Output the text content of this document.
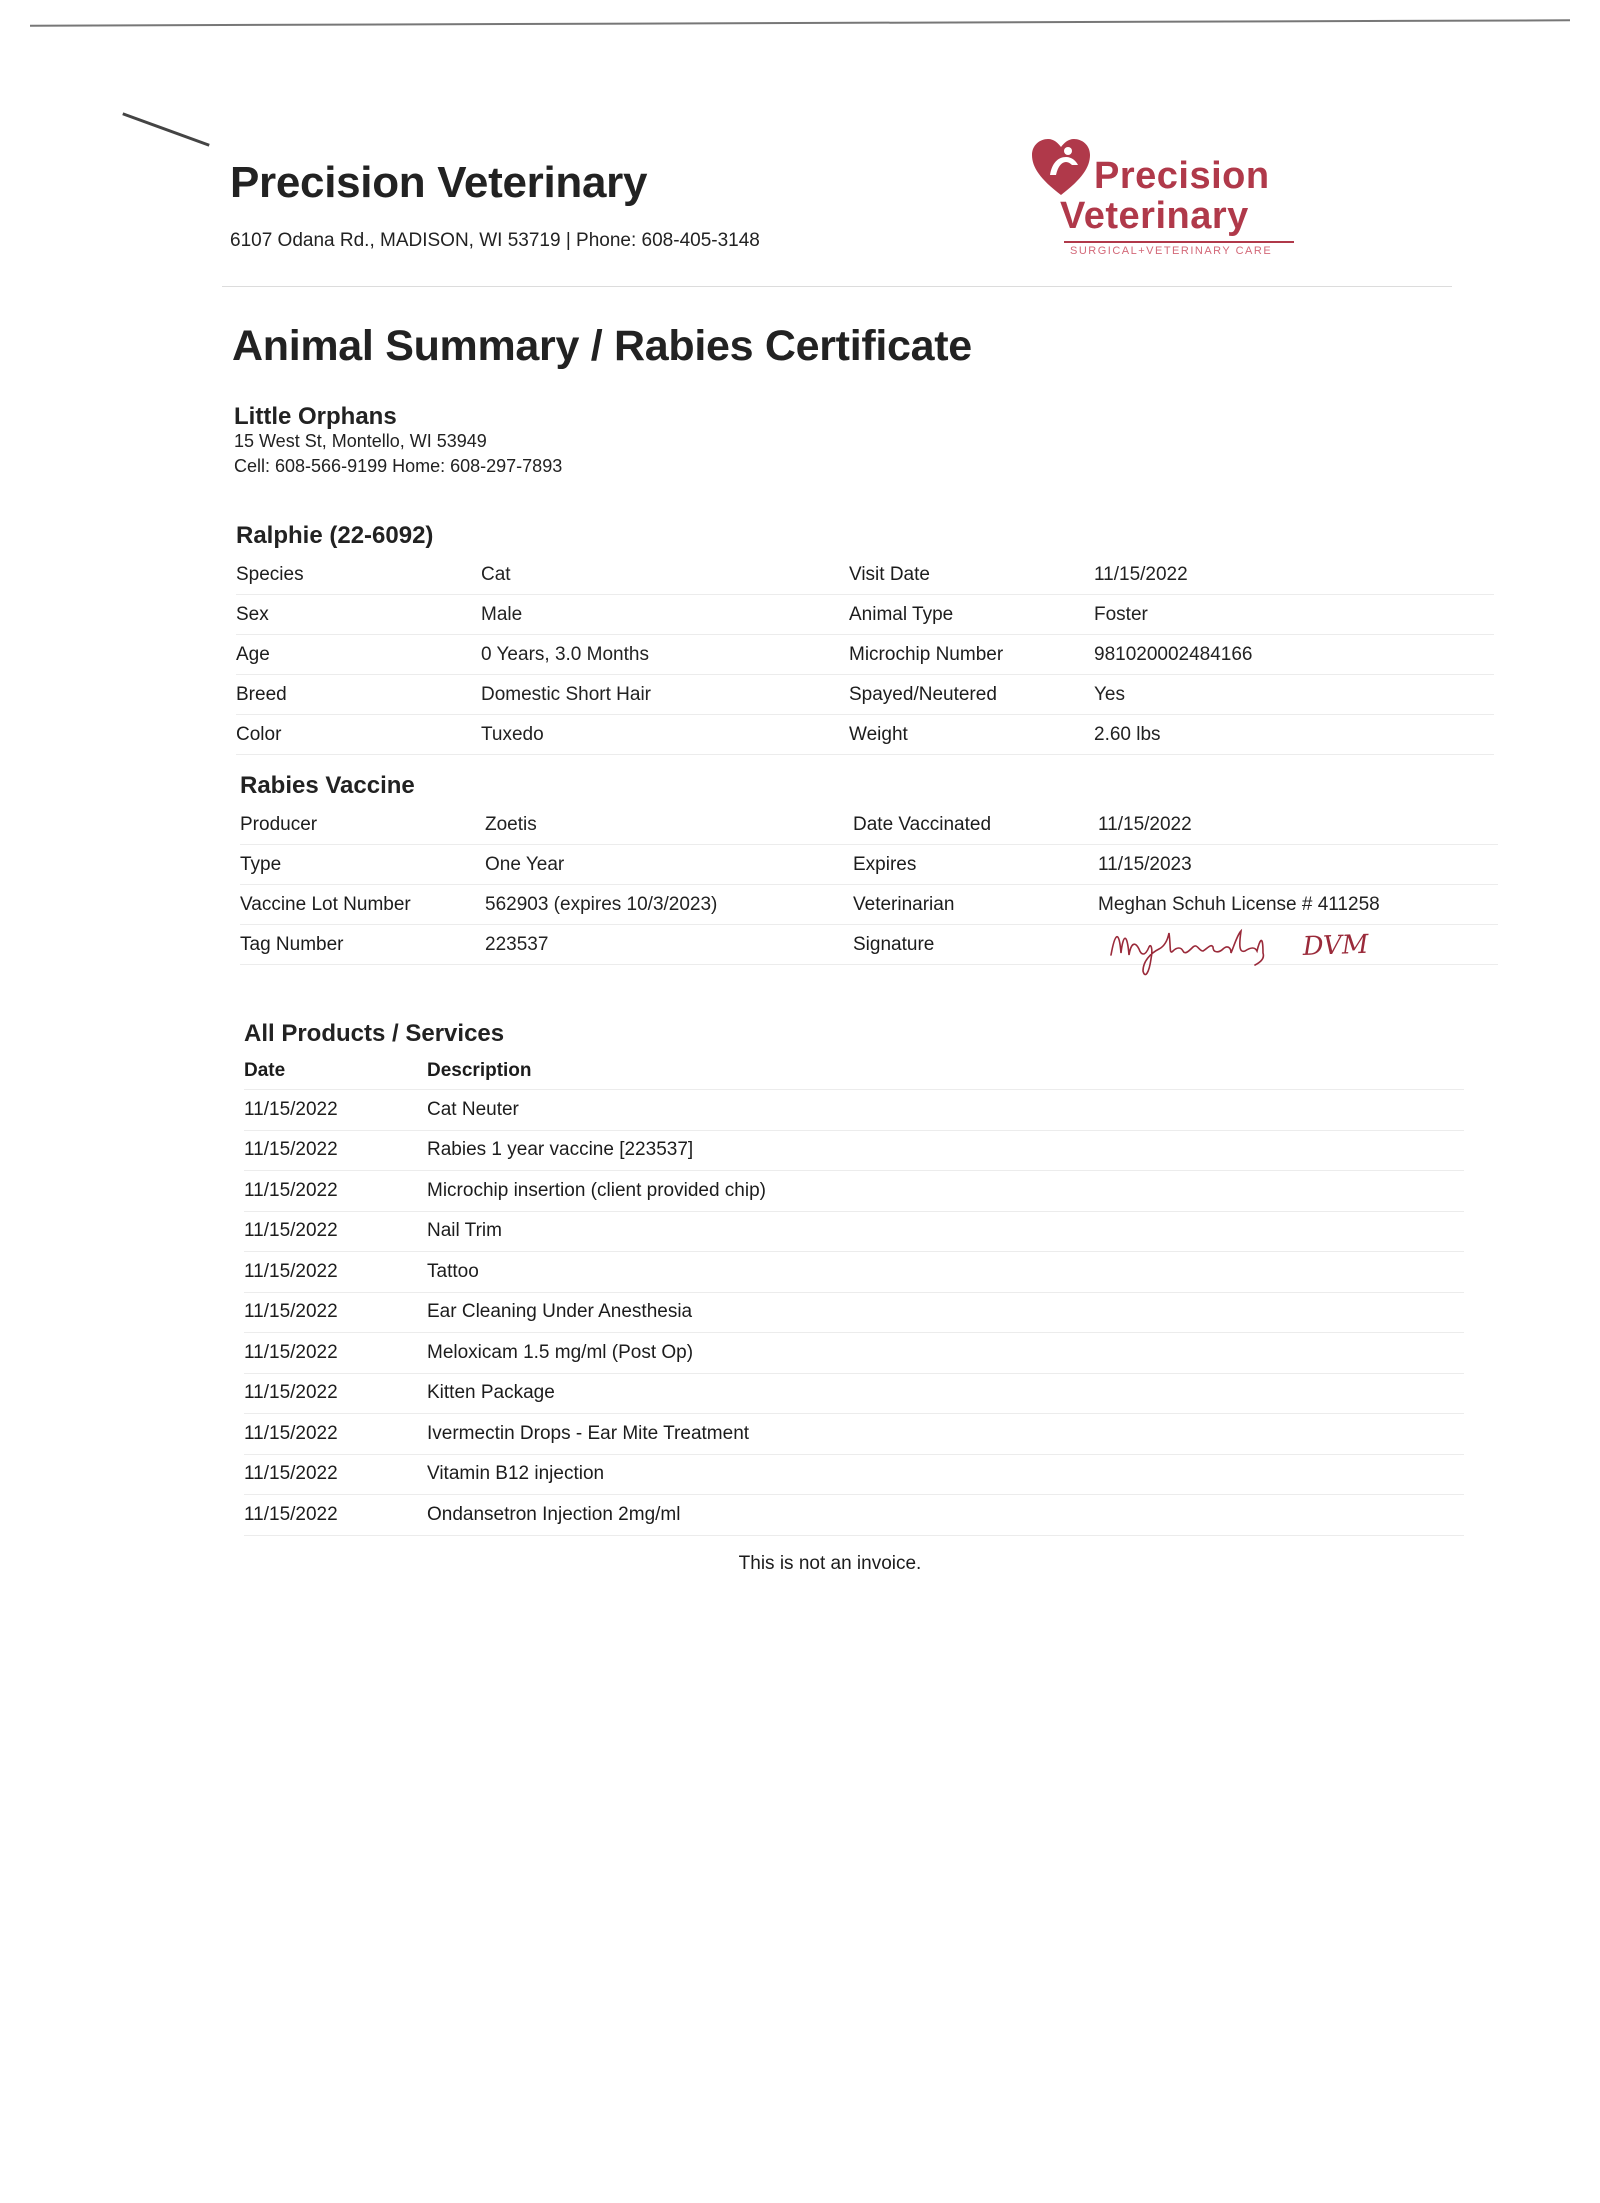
Precision Veterinary
6107 Odana Rd., MADISON, WI 53719 | Phone: 608-405-3148
Precision
Veterinary
SURGICAL+VETERINARY CARE
Animal Summary / Rabies Certificate
Little Orphans
15 West St, Montello, WI 53949
Cell: 608-566-9199 Home: 608-297-7893
Ralphie (22-6092)
Species	Cat	Visit Date	11/15/2022
Sex	Male	Animal Type	Foster
Age	0 Years, 3.0 Months	Microchip Number	981020002484166
Breed	Domestic Short Hair	Spayed/Neutered	Yes
Color	Tuxedo	Weight	2.60 lbs
Rabies Vaccine
Producer	Zoetis	Date Vaccinated	11/15/2022
Type	One Year	Expires	11/15/2023
Vaccine Lot Number	562903 (expires 10/3/2023)	Veterinarian	Meghan Schuh License # 411258
Tag Number	223537	Signature	DVM
All Products / Services
Date	Description
11/15/2022	Cat Neuter
11/15/2022	Rabies 1 year vaccine [223537]
11/15/2022	Microchip insertion (client provided chip)
11/15/2022	Nail Trim
11/15/2022	Tattoo
11/15/2022	Ear Cleaning Under Anesthesia
11/15/2022	Meloxicam 1.5 mg/ml (Post Op)
11/15/2022	Kitten Package
11/15/2022	Ivermectin Drops - Ear Mite Treatment
11/15/2022	Vitamin B12 injection
11/15/2022	Ondansetron Injection 2mg/ml
This is not an invoice.
